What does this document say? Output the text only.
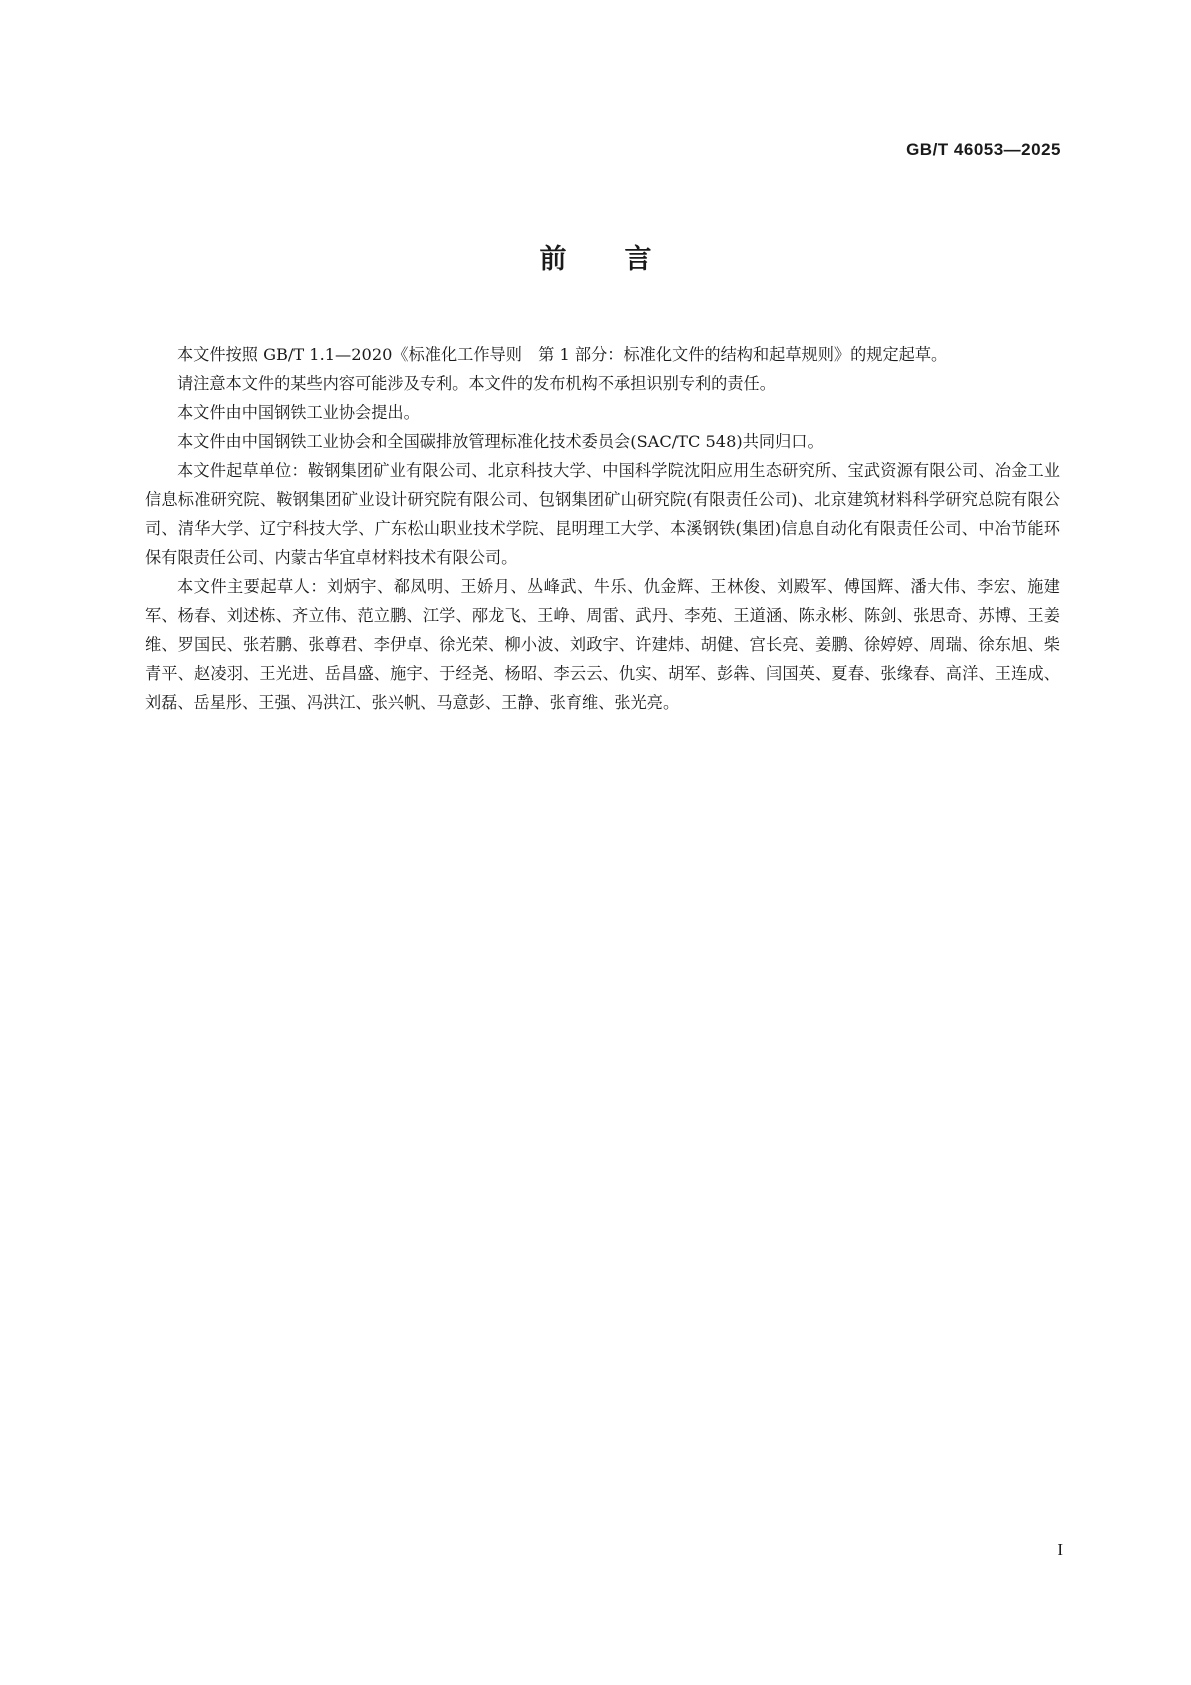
GB/T 46053—2025
前言

本文件按照 GB/T 1.1—2020《标准化工作导则　第 1 部分：标准化文件的结构和起草规则》的规定起草。

请注意本文件的某些内容可能涉及专利。本文件的发布机构不承担识别专利的责任。

本文件由中国钢铁工业协会提出。

本文件由中国钢铁工业协会和全国碳排放管理标准化技术委员会(SAC/TC 548)共同归口。

本文件起草单位：鞍钢集团矿业有限公司、北京科技大学、中国科学院沈阳应用生态研究所、宝武资源有限公司、冶金工业信息标准研究院、鞍钢集团矿业设计研究院有限公司、包钢集团矿山研究院(有限责任公司)、北京建筑材料科学研究总院有限公司、清华大学、辽宁科技大学、广东松山职业技术学院、昆明理工大学、本溪钢铁(集团)信息自动化有限责任公司、中冶节能环保有限责任公司、内蒙古华宜卓材料技术有限公司。

本文件主要起草人：刘炳宇、郗凤明、王娇月、丛峰武、牛乐、仇金辉、王林俊、刘殿军、傅国辉、潘大伟、李宏、施建军、杨春、刘述栋、齐立伟、范立鹏、江学、邴龙飞、王峥、周雷、武丹、李苑、王道涵、陈永彬、陈剑、张思奇、苏博、王姜维、罗国民、张若鹏、张尊君、李伊卓、徐光荣、柳小波、刘政宇、许建炜、胡健、宫长亮、姜鹏、徐婷婷、周瑞、徐东旭、柴青平、赵凌羽、王光进、岳昌盛、施宇、于经尧、杨昭、李云云、仇实、胡军、彭犇、闫国英、夏春、张缘春、高洋、王连成、刘磊、岳星彤、王强、冯洪江、张兴帆、马意彭、王静、张育维、张光亮。

I
